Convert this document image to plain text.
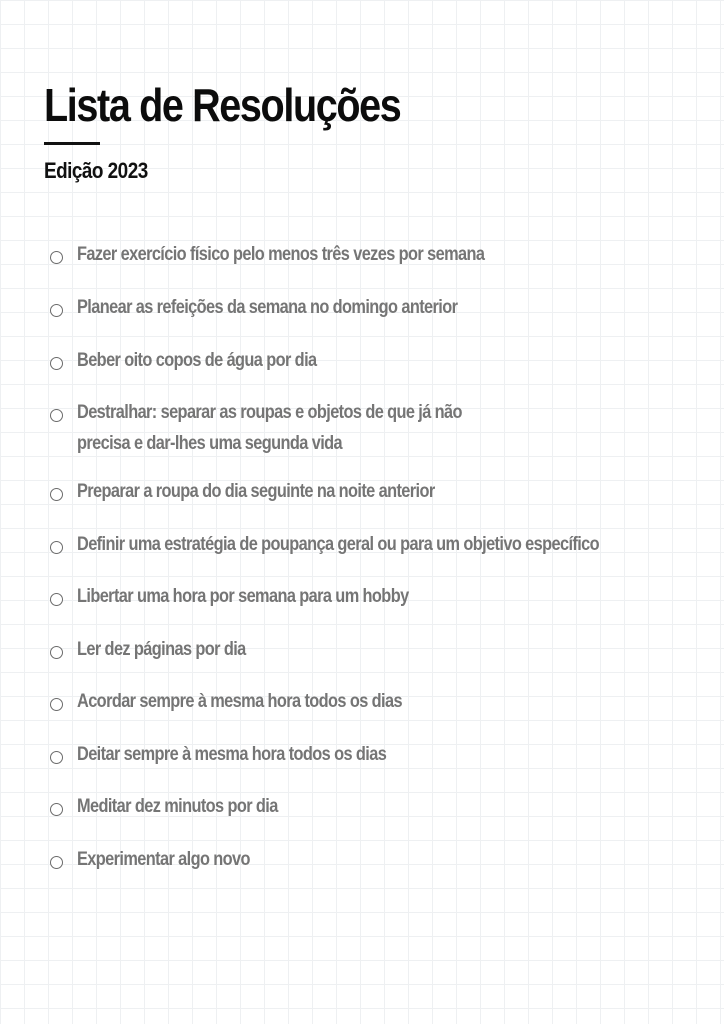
Lista de Resoluções
Edição 2023
Fazer exercício físico pelo menos três vezes por semana
Planear as refeições da semana no domingo anterior
Beber oito copos de água por dia
Destralhar: separar as roupas e objetos de que já não
precisa e dar-lhes uma segunda vida
Preparar a roupa do dia seguinte na noite anterior
Definir uma estratégia de poupança geral ou para um objetivo específico
Libertar uma hora por semana para um hobby
Ler dez páginas por dia
Acordar sempre à mesma hora todos os dias
Deitar sempre à mesma hora todos os dias
Meditar dez minutos por dia
Experimentar algo novo
